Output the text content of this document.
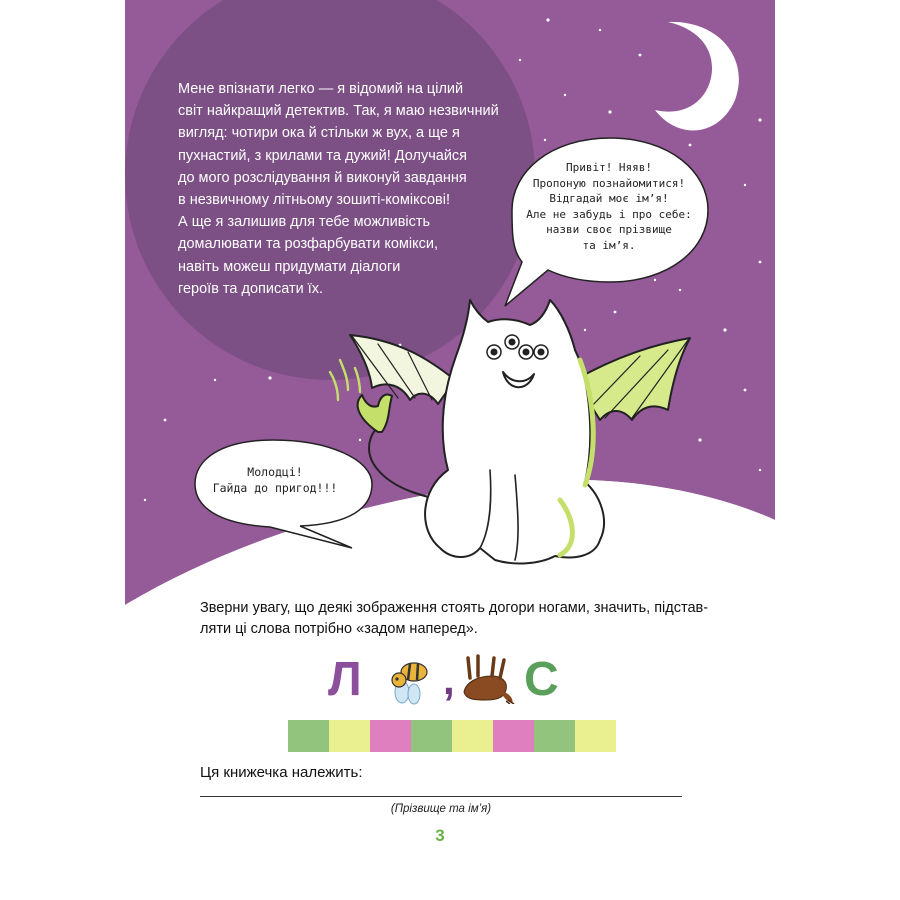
Мене впізнати легко — я відомий на цілий
світ найкращий детектив. Так, я маю незвичний
вигляд: чотири ока й стільки ж вух, а ще я
пухнастий, з крилами та дужий! Долучайся
до мого розслідування й виконуй завдання
в незвичному літньому зошиті-коміксові!
А ще я залишив для тебе можливість
домалювати та розфарбувати комікси,
навіть можеш придумати діалоги
героїв та дописати їх.

Привіт! Няяв!
Пропоную познайомитися!
Відгадай моє ім’я!
Але не забудь і про себе:
назви своє прізвище
та ім’я.
Молодці!
Гайда до пригод!!!

Зверни увагу, що деякі зображення стоять догори ногами, значить, підстав-
ляти ці слова потрібно «задом наперед».

Л , С
Ця книжечка належить:
(Прізвище та ім’я)
3
